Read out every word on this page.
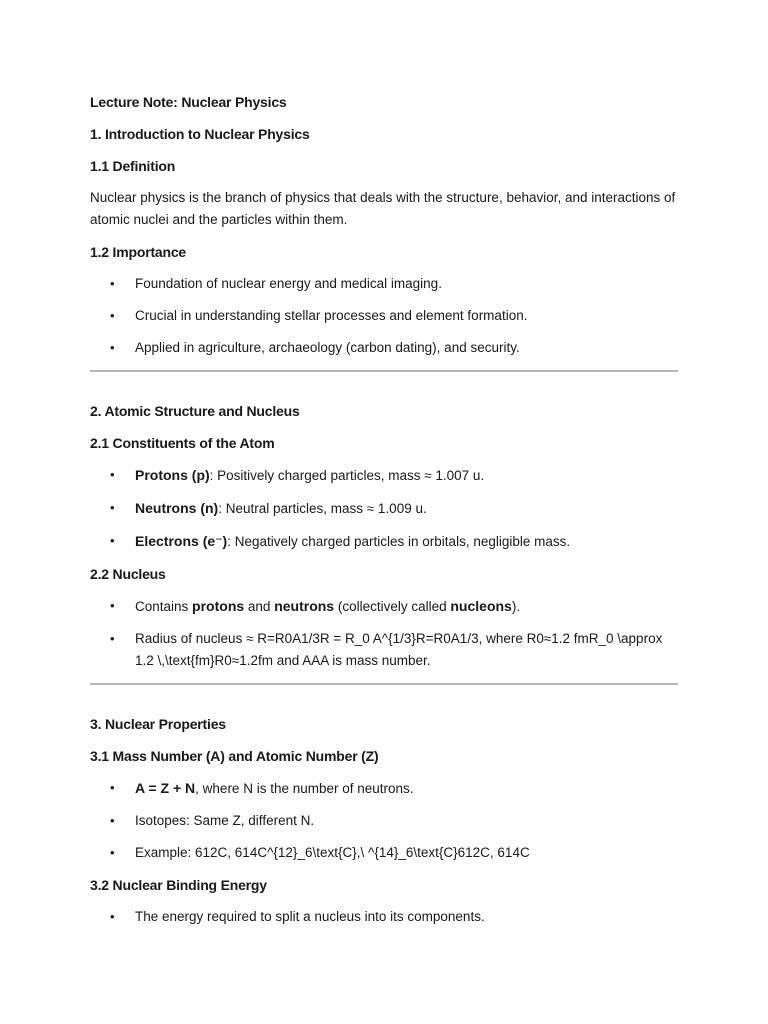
Lecture Note: Nuclear Physics
1. Introduction to Nuclear Physics
1.1 Definition
Nuclear physics is the branch of physics that deals with the structure, behavior, and interactions of atomic nuclei and the particles within them.
1.2 Importance
• Foundation of nuclear energy and medical imaging.
• Crucial in understanding stellar processes and element formation.
• Applied in agriculture, archaeology (carbon dating), and security.
2. Atomic Structure and Nucleus
2.1 Constituents of the Atom
• Protons (p): Positively charged particles, mass ≈ 1.007 u.
• Neutrons (n): Neutral particles, mass ≈ 1.009 u.
• Electrons (e⁻): Negatively charged particles in orbitals, negligible mass.
2.2 Nucleus
• Contains protons and neutrons (collectively called nucleons).
• Radius of nucleus ≈ R=R0A1/3R = R_0 A^{1/3}R=R0A1/3, where R0≈1.2 fmR_0 \approx 1.2 \,\text{fm}R0≈1.2fm and AAA is mass number.
3. Nuclear Properties
3.1 Mass Number (A) and Atomic Number (Z)
• A = Z + N, where N is the number of neutrons.
• Isotopes: Same Z, different N.
• Example: 612C, 614C^{12}_6\text{C},\ ^{14}_6\text{C}612C, 614C
3.2 Nuclear Binding Energy
• The energy required to split a nucleus into its components.
